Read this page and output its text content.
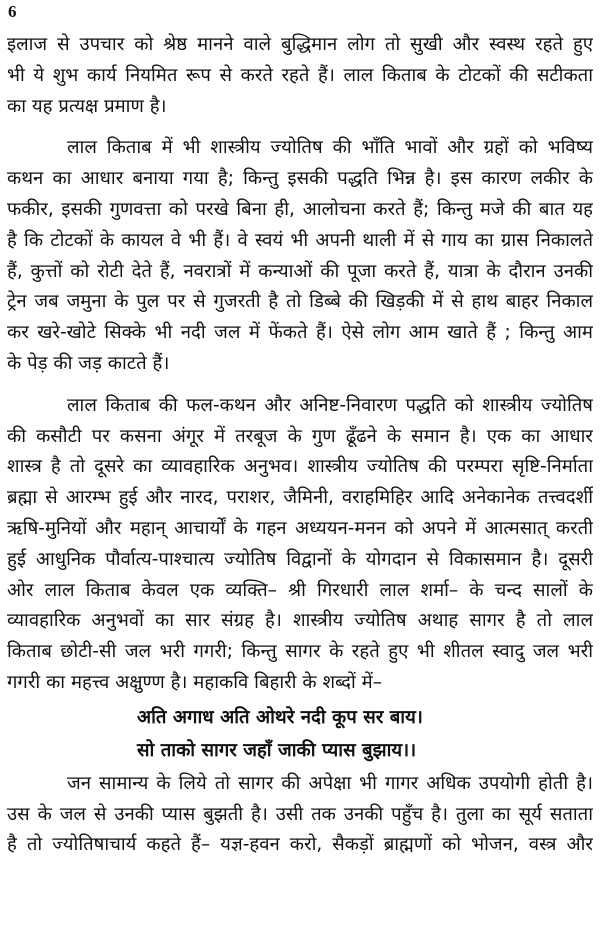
6
इलाज से उपचार को श्रेष्ठ मानने वाले बुद्धिमान लोग तो सुखी और स्वस्थ रहते हुए
भी ये शुभ कार्य नियमित रूप से करते रहते हैं। लाल किताब के टोटकों की सटीकता
का यह प्रत्यक्ष प्रमाण है।
लाल किताब में भी शास्त्रीय ज्योतिष की भाँति भावों और ग्रहों को भविष्य
कथन का आधार बनाया गया है; किन्तु इसकी पद्धति भिन्न है। इस कारण लकीर के
फकीर, इसकी गुणवत्ता को परखे बिना ही, आलोचना करते हैं; किन्तु मजे की बात यह
है कि टोटकों के कायल वे भी हैं। वे स्वयं भी अपनी थाली में से गाय का ग्रास निकालते
हैं, कुत्तों को रोटी देते हैं, नवरात्रों में कन्याओं की पूजा करते हैं, यात्रा के दौरान उनकी
ट्रेन जब जमुना के पुल पर से गुजरती है तो डिब्बे की खिड़की में से हाथ बाहर निकाल
कर खरे-खोटे सिक्के भी नदी जल में फेंकते हैं। ऐसे लोग आम खाते हैं ; किन्तु आम
के पेड़ की जड़ काटते हैं।
लाल किताब की फल-कथन और अनिष्ट-निवारण पद्धति को शास्त्रीय ज्योतिष
की कसौटी पर कसना अंगूर में तरबूज के गुण ढूँढने के समान है। एक का आधार
शास्त्र है तो दूसरे का व्यावहारिक अनुभव। शास्त्रीय ज्योतिष की परम्परा सृष्टि-निर्माता
ब्रह्मा से आरम्भ हुई और नारद, पराशर, जैमिनी, वराहमिहिर आदि अनेकानेक तत्त्वदर्शी
ऋषि-मुनियों और महान् आचार्यों के गहन अध्ययन-मनन को अपने में आत्मसात् करती
हुई आधुनिक पौर्वात्य-पाश्चात्य ज्योतिष विद्वानों के योगदान से विकासमान है। दूसरी
ओर लाल किताब केवल एक व्यक्ति– श्री गिरधारी लाल शर्मा– के चन्द सालों के
व्यावहारिक अनुभवों का सार संग्रह है। शास्त्रीय ज्योतिष अथाह सागर है तो लाल
किताब छोटी-सी जल भरी गगरी; किन्तु सागर के रहते हुए भी शीतल स्वादु जल भरी
गगरी का महत्त्व अक्षुण्ण है। महाकवि बिहारी के शब्दों में–
अति अगाध अति ओथरे नदी कूप सर बाय।
सो ताको सागर जहाँ जाकी प्यास बुझाय।।
जन सामान्य के लिये तो सागर की अपेक्षा भी गागर अधिक उपयोगी होती है।
उस के जल से उनकी प्यास बुझती है। उसी तक उनकी पहुँच है। तुला का सूर्य सताता
है तो ज्योतिषाचार्य कहते हैं– यज्ञ-हवन करो, सैकड़ों ब्राह्मणों को भोजन, वस्त्र और
